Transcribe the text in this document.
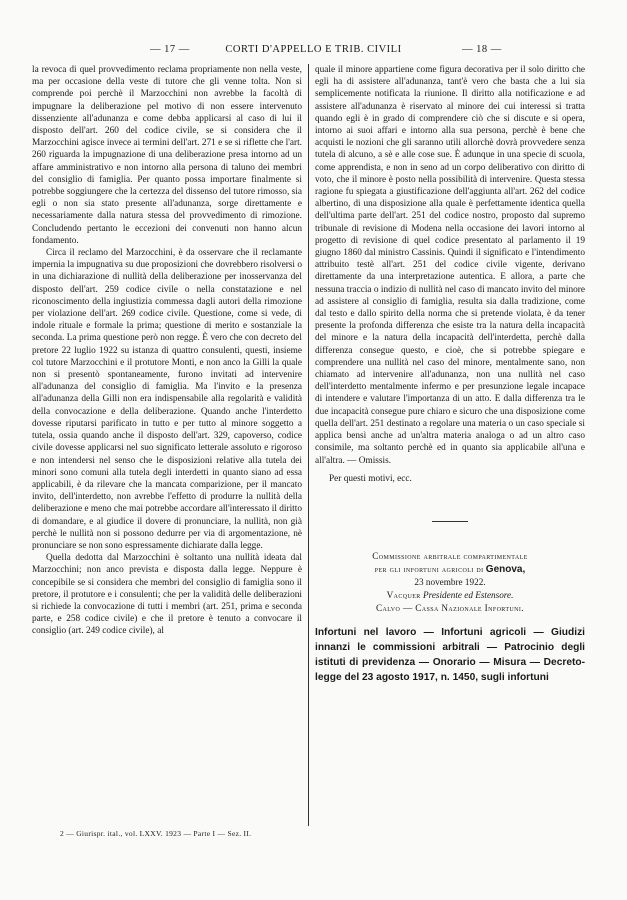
— 17 —	CORTI D'APPELLO E TRIB. CIVILI	— 18 —

la revoca di quel provvedimento reclama propriamente non nella veste, ma per occasione della veste di tutore che gli venne tolta. Non si comprende poi perchè il Marzocchini non avrebbe la facoltà di impugnare la deliberazione pel motivo di non essere intervenuto dissenziente all'adunanza e come debba applicarsi al caso di lui il disposto dell'art. 260 del codice civile, se si considera che il Marzocchini agisce invece ai termini dell'art. 271 e se si riflette che l'art. 260 riguarda la impugnazione di una deliberazione presa intorno ad un affare amministrativo e non intorno alla persona di taluno dei membri del consiglio di famiglia. Per quanto possa importare finalmente si potrebbe soggiungere che la certezza del dissenso del tutore rimosso, sia egli o non sia stato presente all'adunanza, sorge direttamente e necessariamente dalla natura stessa del provvedimento di rimozione. Concludendo pertanto le eccezioni dei convenuti non hanno alcun fondamento.

Circa il reclamo del Marzocchini, è da osservare che il reclamante impernia la impugnativa su due proposizioni che dovrebbero risolversi o in una dichiarazione di nullità della deliberazione per inosservanza del disposto dell'art. 259 codice civile o nella constatazione e nel riconoscimento della ingiustizia commessa dagli autori della rimozione per violazione dell'art. 269 codice civile. Questione, come si vede, di indole rituale e formale la prima; questione di merito e sostanziale la seconda. La prima questione però non regge. È vero che con decreto del pretore 22 luglio 1922 su istanza di quattro consulenti, questi, insieme col tutore Marzocchini e il protutore Monti, e non anco la Gilli la quale non si presentò spontaneamente, furono invitati ad intervenire all'adunanza del consiglio di famiglia. Ma l'invito e la presenza all'adunanza della Gilli non era indispensabile alla regolarità e validità della convocazione e della deliberazione. Quando anche l'interdetto dovesse riputarsi parificato in tutto e per tutto al minore soggetto a tutela, ossia quando anche il disposto dell'art. 329, capoverso, codice civile dovesse applicarsi nel suo significato letterale assoluto e rigoroso e non intendersi nel senso che le disposizioni relative alla tutela dei minori sono comuni alla tutela degli interdetti in quanto siano ad essa applicabili, è da rilevare che la mancata comparizione, per il mancato invito, dell'interdetto, non avrebbe l'effetto di produrre la nullità della deliberazione e meno che mai potrebbe accordare all'interessato il diritto di domandare, e al giudice il dovere di pronunciare, la nullità, non già perchè le nullità non si possono dedurre per via di argomentazione, nè pronunciare se non sono espressamente dichiarate dalla legge.

Quella dedotta dal Marzocchini è soltanto una nullità ideata dal Marzocchini; non anco prevista e disposta dalla legge. Neppure è concepibile se si considera che membri del consiglio di famiglia sono il pretore, il protutore e i consulenti; che per la validità delle deliberazioni si richiede la convocazione di tutti i membri (art. 251, prima e seconda parte, e 258 codice civile) e che il pretore è tenuto a convocare il consiglio (art. 249 codice civile), al

quale il minore appartiene come figura decorativa per il solo diritto che egli ha di assistere all'adunanza, tant'è vero che basta che a lui sia semplicemente notificata la riunione. Il diritto alla notificazione e ad assistere all'adunanza è riservato al minore dei cui interessi si tratta quando egli è in grado di comprendere ciò che si discute e si opera, intorno ai suoi affari e intorno alla sua persona, perchè è bene che acquisti le nozioni che gli saranno utili allorchè dovrà provvedere senza tutela di alcuno, a sè e alle cose sue. È adunque in una specie di scuola, come apprendista, e non in seno ad un corpo deliberativo con diritto di voto, che il minore è posto nella possibilità di intervenire. Questa stessa ragione fu spiegata a giustificazione dell'aggiunta all'art. 262 del codice albertino, di una disposizione alla quale è perfettamente identica quella dell'ultima parte dell'art. 251 del codice nostro, proposto dal supremo tribunale di revisione di Modena nella occasione dei lavori intorno al progetto di revisione di quel codice presentato al parlamento il 19 giugno 1860 dal ministro Cassinis. Quindi il significato e l'intendimento attribuito testè all'art. 251 del codice civile vigente, derivano direttamente da una interpretazione autentica. E allora, a parte che nessuna traccia o indizio di nullità nel caso di mancato invito del minore ad assistere al consiglio di famiglia, resulta sia dalla tradizione, come dal testo e dallo spirito della norma che si pretende violata, è da tener presente la profonda differenza che esiste tra la natura della incapacità del minore e la natura della incapacità dell'interdetta, perchè dalla differenza consegue questo, e cioè, che si potrebbe spiegare e comprendere una nullità nel caso del minore, mentalmente sano, non chiamato ad intervenire all'adunanza, non una nullità nel caso dell'interdetto mentalmente infermo e per presunzione legale incapace di intendere e valutare l'importanza di un atto. E dalla differenza tra le due incapacità consegue pure chiaro e sicuro che una disposizione come quella dell'art. 251 destinato a regolare una materia o un caso speciale si applica bensì anche ad un'altra materia analoga o ad un altro caso consimile, ma soltanto perchè ed in quanto sia applicabile all'una e all'altra. — Omissis.

Per questi motivi, ecc.

Commissione arbitrale compartimentale
per gli infortuni agricoli di Genova,
23 novembre 1922.
Vacquer Presidente ed Estensore.
Calvo — Cassa Nazionale Infortuni.
Infortuni nel lavoro — Infortuni agricoli — Giudizi innanzi le commissioni arbitrali — Patrocinio degli istituti di previdenza — Onorario — Misura — Decreto-legge del 23 agosto 1917, n. 1450, sugli infortuni
2 — Giurispr. ital., vol. LXXV. 1923 — Parte I — Sez. II.
